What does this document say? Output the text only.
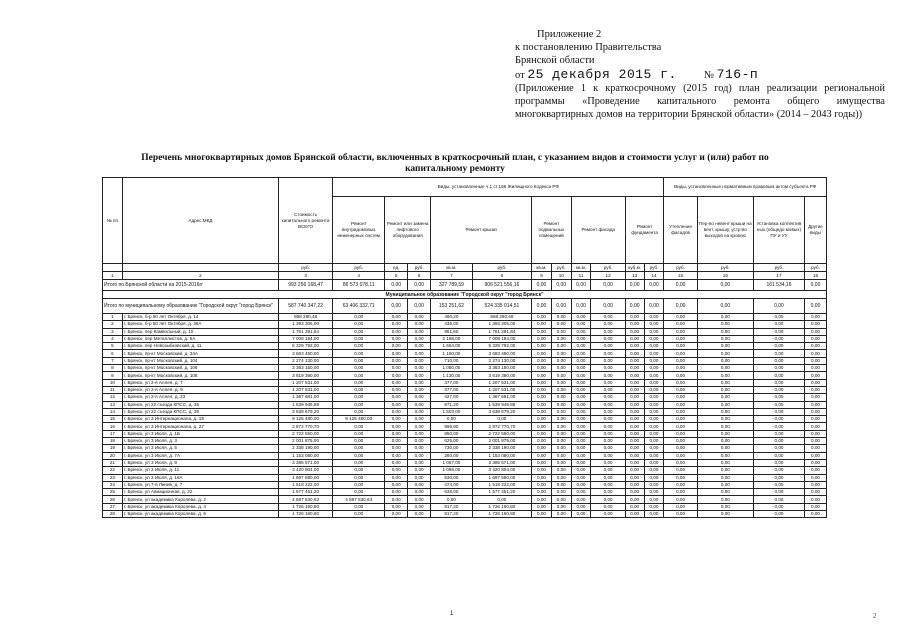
Приложение 2
к постановлению Правительства
Брянской области
от 25 декабря 2015 г.	№ 716-п
(Приложение 1 к краткосрочному (2015 год) план реализации региональной программы «Проведение капитального ремонта общего имущества многоквартирных домов на территории Брянской области» (2014 – 2043 годы))
Перечень многоквартирных домов Брянской области, включенных в краткосрочный план, с указанием видов и стоимости услуг и (или) работ по капитальному ремонту
№ пп	Адрес МКД	Стоимость капитального ремонта ВСЕГО	Виды, установленные ч.1 ст.166 Жилищного Кодекса РФ											Виды, установленные нормативным правовым актом субъекта РФ			
			Ремонт внутридомовых инженерных систем	Ремонт или замена лифтового оборудования		Ремонт крыши		Ремонт подвальных помещений		Ремонт фасада		Ремонт фундамента		Утепление фасадов	Пер-во невент крыши на вент. крышу, устр-во выходов на кровлю	Установка коллектив ных (общедо мовых) ПУ и УУ	Другие виды
		руб.	руб.	ед.	руб.	кв.м.	руб.	кв.м.	руб.	кв.м.	руб.	куб.м.	руб.	руб.	руб.	руб.	руб.
1	2	3	4	5	6	7	8	9	10	11	12	13	14	15	16	17	18
Итого по Брянской области на 2015-2016гг		993 256 168,47	86 573 078,11	0,00	0,00	327 789,59	906 521 556,16	0,00	0,00	0,00	0,00	0,00	0,00	0,00	0,00	161 534,16	0,00
Муниципальное образование "Городской округ "город Брянск"																	
Итого по муниципальному образованию "Городской округ "город Брянск"		587 740 347,22	63 406 332,71	0,00	0,00	153 251,62	524 335 014,51	0,00	0,00	0,00	0,00	0,00	0,00	0,00	0,00	0,00	0,00
1	г. Брянск, б-р 50 лет Октября, д. 14	868 280,48	0,00	0,00	0,00	460,20	868 280,48	0,00	0,00	0,00	0,00	0,00	0,00	0,00	0,00	0,00	0,00
2	г. Брянск, б-р 50 лет Октября, д. 36А	1 393 305,00	0,00	0,00	0,00	435,00	1 393 305,00	0,00	0,00	0,00	0,00	0,00	0,00	0,00	0,00	0,00	0,00
3	г. Брянск, пер Камвольный, д. 10	1 761 291,84	0,00	0,00	0,00	951,60	1 761 291,84	0,00	0,00	0,00	0,00	0,00	0,00	0,00	0,00	0,00	0,00
4	г. Брянск, пер Металлистов, д. 5А	7 008 184,00	0,00	0,00	0,00	2 188,00	7 008 184,00	0,00	0,00	0,00	0,00	0,00	0,00	0,00	0,00	0,00	0,00
5	г. Брянск, пер Новозыбковский, д. 11	5 329 792,00	0,00	0,00	0,00	1 664,00	5 329 792,00	0,00	0,00	0,00	0,00	0,00	0,00	0,00	0,00	0,00	0,00
6	г. Брянск, пр-кт Московский, д. 34А	3 683 450,00	0,00	0,00	0,00	1 150,00	3 683 450,00	0,00	0,00	0,00	0,00	0,00	0,00	0,00	0,00	0,00	0,00
7	г. Брянск, пр-кт Московский, д. 104	2 274 130,00	0,00	0,00	0,00	710,00	2 274 130,00	0,00	0,00	0,00	0,00	0,00	0,00	0,00	0,00	0,00	0,00
8	г. Брянск, пр-кт Московский, д. 106	3 363 150,00	0,00	0,00	0,00	1 050,00	3 363 150,00	0,00	0,00	0,00	0,00	0,00	0,00	0,00	0,00	0,00	0,00
9	г. Брянск, пр-кт Московский, д. 108	3 619 390,00	0,00	0,00	0,00	1 130,00	3 619 390,00	0,00	0,00	0,00	0,00	0,00	0,00	0,00	0,00	0,00	0,00
10	г. Брянск, ул 2-я Аллея, д. 7	1 207 531,00	0,00	0,00	0,00	377,00	1 207 531,00	0,00	0,00	0,00	0,00	0,00	0,00	0,00	0,00	0,00	0,00
11	г. Брянск, ул 2-я Аллея, д. 9	1 207 531,00	0,00	0,00	0,00	377,00	1 207 531,00	0,00	0,00	0,00	0,00	0,00	0,00	0,00	0,00	0,00	0,00
12	г. Брянск, ул 2-я Аллея, д. 23	1 367 681,00	0,00	0,00	0,00	427,00	1 367 681,00	0,00	0,00	0,00	0,00	0,00	0,00	0,00	0,00	0,00	0,00
13	г. Брянск, ул 22 съезда КПСС, д. 35	1 539 945,88	0,00	0,00	0,00	871,20	1 539 945,88	0,00	0,00	0,00	0,00	0,00	0,00	0,00	0,00	0,00	0,00
14	г. Брянск, ул 22 съезда КПСС, д. 39	3 638 679,20	0,00	0,00	0,00	1 503,00	3 638 679,20	0,00	0,00	0,00	0,00	0,00	0,00	0,00	0,00	0,00	0,00
15	г. Брянск, ул 3 Интернационала, д. 19	9 125 480,00	9 125 480,00	0,00	0,00	0,00	0,00	0,00	0,00	0,00	0,00	0,00	0,00	0,00	0,00	0,00	0,00
16	г. Брянск, ул 3 Интернационала, д. 27	2 872 770,70	0,00	0,00	0,00	896,90	2 872 770,70	0,00	0,00	0,00	0,00	0,00	0,00	0,00	0,00	0,00	0,00
17	г. Брянск, ул 3 Июля, д. 1Б	2 722 550,00	0,00	0,00	0,00	850,00	2 722 550,00	0,00	0,00	0,00	0,00	0,00	0,00	0,00	0,00	0,00	0,00
18	г. Брянск, ул 3 Июля, д. 3	2 001 875,00	0,00	0,00	0,00	625,00	2 001 875,00	0,00	0,00	0,00	0,00	0,00	0,00	0,00	0,00	0,00	0,00
19	г. Брянск, ул 3 Июля, д. 5	2 338 190,00	0,00	0,00	0,00	730,00	2 338 190,00	0,00	0,00	0,00	0,00	0,00	0,00	0,00	0,00	0,00	0,00
20	г. Брянск, ул 3 Июля, д. 7А	1 153 080,00	0,00	0,00	0,00	360,00	1 153 080,00	0,00	0,00	0,00	0,00	0,00	0,00	0,00	0,00	0,00	0,00
21	г. Брянск, ул 3 Июля, д. 9	3 385 571,00	0,00	0,00	0,00	1 057,00	3 385 571,00	0,00	0,00	0,00	0,00	0,00	0,00	0,00	0,00	0,00	0,00
22	г. Брянск, ул 3 Июля, д. 11	3 420 804,00	0,00	0,00	0,00	1 068,00	3 420 804,00	0,00	0,00	0,00	0,00	0,00	0,00	0,00	0,00	0,00	0,00
23	г. Брянск, ул 3 Июля, д. 16А	1 697 590,00	0,00	0,00	0,00	530,00	1 697 590,00	0,00	0,00	0,00	0,00	0,00	0,00	0,00	0,00	0,00	0,00
24	г. Брянск, ул 7-я Линия, д. 7	1 518 222,00	0,00	0,00	0,00	474,00	1 518 222,00	0,00	0,00	0,00	0,00	0,00	0,00	0,00	0,00	0,00	0,00
25	г. Брянск, ул Авиационная, д. 22	1 577 451,20	0,00	0,00	0,00	638,00	1 577 451,20	0,00	0,00	0,00	0,00	0,00	0,00	0,00	0,00	0,00	0,00
26	г. Брянск, ул академика Королева, д. 2	4 597 530,63	4 597 530,63	0,00	0,00	0,00	0,00	0,00	0,00	0,00	0,00	0,00	0,00	0,00	0,00	0,00	0,00
27	г. Брянск, ул академика Королева, д. 4	1 726 160,80	0,00	0,00	0,00	917,20	1 726 160,80	0,00	0,00	0,00	0,00	0,00	0,00	0,00	0,00	0,00	0,00
28	г. Брянск, ул академика Королева, д. 6	1 726 160,80	0,00	0,00	0,00	917,20	1 726 160,80	0,00	0,00	0,00	0,00	0,00	0,00	0,00	0,00	0,00	0,00
1	2
